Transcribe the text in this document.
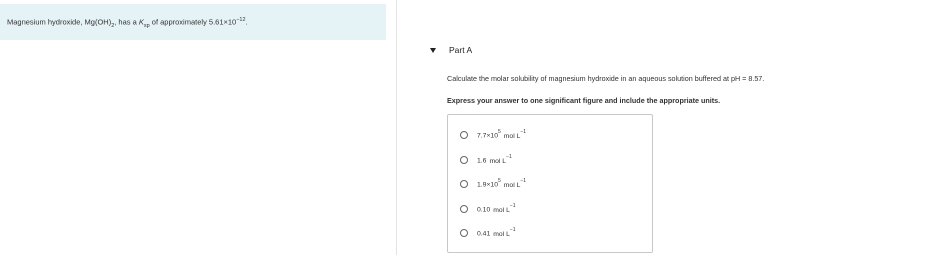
Magnesium hydroxide, $Mg(OH)_2$, has a $K_{sp}$ of approximately $5.61\times 10^{-12}$.
Part A
Calculate the molar solubility of magnesium hydroxide in an aqueous solution buffered at pH = 8.57.
Express your answer to one significant figure and include the appropriate units.
$7.7\times 10^5mol$ $L^{-1}$
1.6 mol $L^{-1}$
$1.9\times 10^5mol$ $L^{-1}$
0.10 mol $L^{-1}$
0.41 mol $L^{-1}$
